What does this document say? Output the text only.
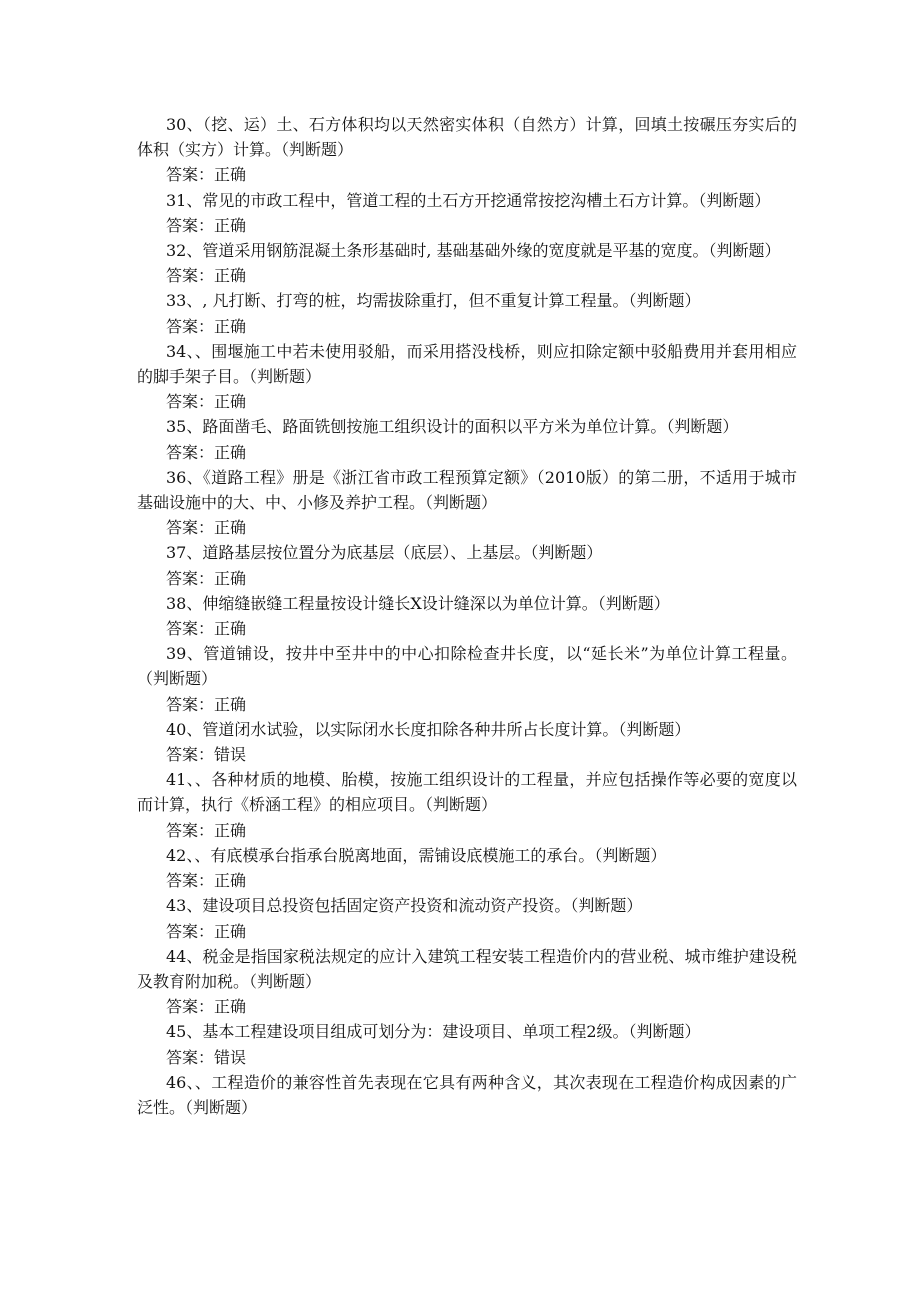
30、（挖、运）土、石方体积均以天然密实体积（自然方）计算，回填土按碾压夯实后的体积（实方）计算。（判断题）

答案：正确

31、常见的市政工程中，管道工程的土石方开挖通常按挖沟槽土石方计算。（判断题）

答案：正确

32、管道采用钢筋混凝土条形基础时, 基础基础外缘的宽度就是平基的宽度。（判断题）

答案：正确

33、, 凡打断、打弯的桩，均需拔除重打，但不重复计算工程量。（判断题）

答案：正确

34、、围堰施工中若未使用驳船，而采用搭没栈桥，则应扣除定额中驳船费用并套用相应的脚手架子目。（判断题）

答案：正确

35、路面凿毛、路面铣刨按施工组织设计的面积以平方米为单位计算。（判断题）

答案：正确

36、《道路工程》册是《浙江省市政工程预算定额》（2010版）的第二册，不适用于城市基础设施中的大、中、小修及养护工程。（判断题）

答案：正确

37、道路基层按位置分为底基层（底层）、上基层。（判断题）

答案：正确

38、伸缩缝嵌缝工程量按设计缝长X设计缝深以为单位计算。（判断题）

答案：正确

39、管道铺设，按井中至井中的中心扣除检查井长度，以“延长米”为单位计算工程量。（判断题）

答案：正确

40、管道闭水试验，以实际闭水长度扣除各种井所占长度计算。（判断题）

答案：错误

41、、各种材质的地模、胎模，按施工组织设计的工程量，并应包括操作等必要的宽度以而计算，执行《桥涵工程》的相应项目。（判断题）

答案：正确

42、、有底模承台指承台脱离地面，需铺设底模施工的承台。（判断题）

答案：正确

43、建设项目总投资包括固定资产投资和流动资产投资。（判断题）

答案：正确

44、税金是指国家税法规定的应计入建筑工程安装工程造价内的营业税、城市维护建设税及教育附加税。（判断题）

答案：正确

45、基本工程建设项目组成可划分为：建设项目、单项工程2级。（判断题）

答案：错误

46、、工程造价的兼容性首先表现在它具有两种含义，其次表现在工程造价构成因素的广泛性。（判断题）
